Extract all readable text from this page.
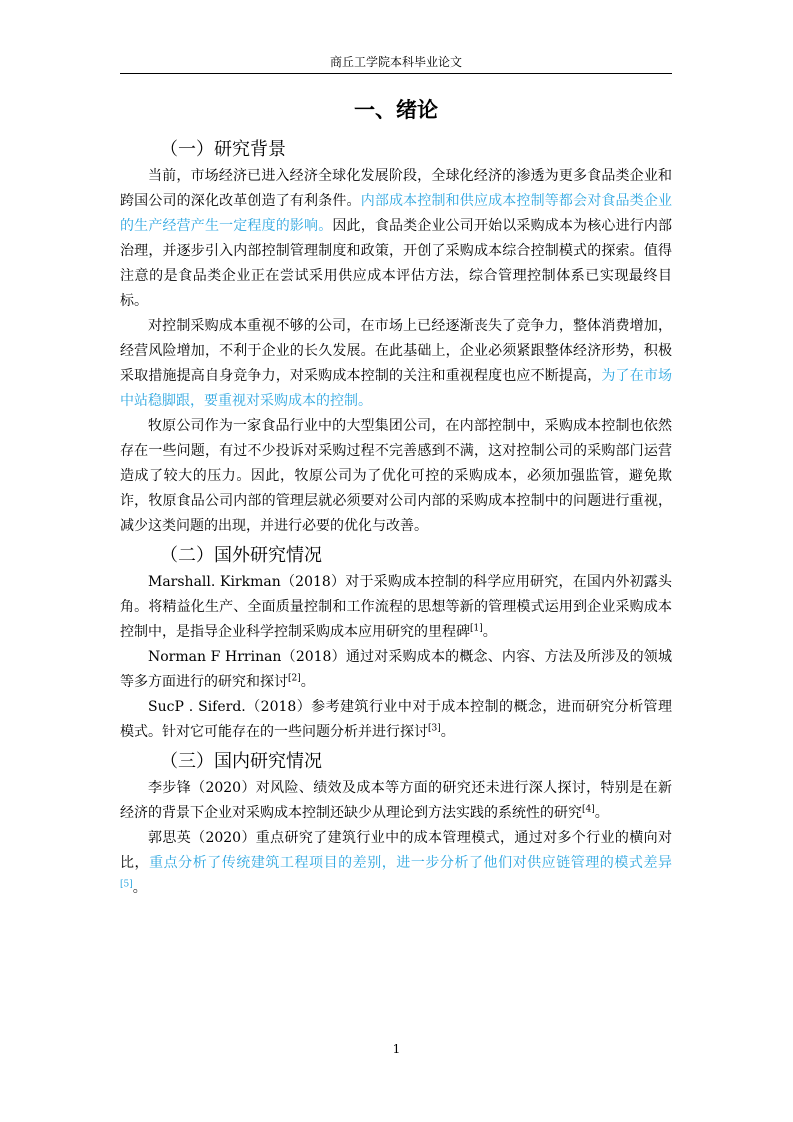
商丘工学院本科毕业论文
一、绪论
（一）研究背景

当前，市场经济已进入经济全球化发展阶段，全球化经济的渗透为更多食品类企业和跨国公司的深化改革创造了有利条件。内部成本控制和供应成本控制等都会对食品类企业的生产经营产生一定程度的影响。因此，食品类企业公司开始以采购成本为核心进行内部治理，并逐步引入内部控制管理制度和政策，开创了采购成本综合控制模式的探索。值得注意的是食品类企业正在尝试采用供应成本评估方法，综合管理控制体系已实现最终目标。

对控制采购成本重视不够的公司，在市场上已经逐渐丧失了竞争力，整体消费增加，经营风险增加，不利于企业的长久发展。在此基础上，企业必须紧跟整体经济形势，积极采取措施提高自身竞争力，对采购成本控制的关注和重视程度也应不断提高，为了在市场中站稳脚跟，要重视对采购成本的控制。

牧原公司作为一家食品行业中的大型集团公司，在内部控制中，采购成本控制也依然存在一些问题，有过不少投诉对采购过程不完善感到不满，这对控制公司的采购部门运营造成了较大的压力。因此，牧原公司为了优化可控的采购成本，必须加强监管，避免欺诈，牧原食品公司内部的管理层就必须要对公司内部的采购成本控制中的问题进行重视，减少这类问题的出现，并进行必要的优化与改善。

（二）国外研究情况

Marshall. Kirkman（2018）对于采购成本控制的科学应用研究，在国内外初露头角。将精益化生产、全面质量控制和工作流程的思想等新的管理模式运用到企业采购成本控制中，是指导企业科学控制采购成本应用研究的里程碑[1]。

Norman F Hrrinan（2018）通过对采购成本的概念、内容、方法及所涉及的领城等多方面进行的研究和探讨[2]。

SucP . Siferd.（2018）参考建筑行业中对于成本控制的概念，进而研究分析管理模式。针对它可能存在的一些问题分析并进行探讨[3]。

（三）国内研究情况

李步锋（2020）对风险、绩效及成本等方面的研究还未进行深人探讨，特别是在新经济的背景下企业对采购成本控制还缺少从理论到方法实践的系统性的研究[4]。

郭思英（2020）重点研究了建筑行业中的成本管理模式，通过对多个行业的横向对比，重点分析了传统建筑工程项目的差别，进一步分析了他们对供应链管理的模式差异[5]。

1
